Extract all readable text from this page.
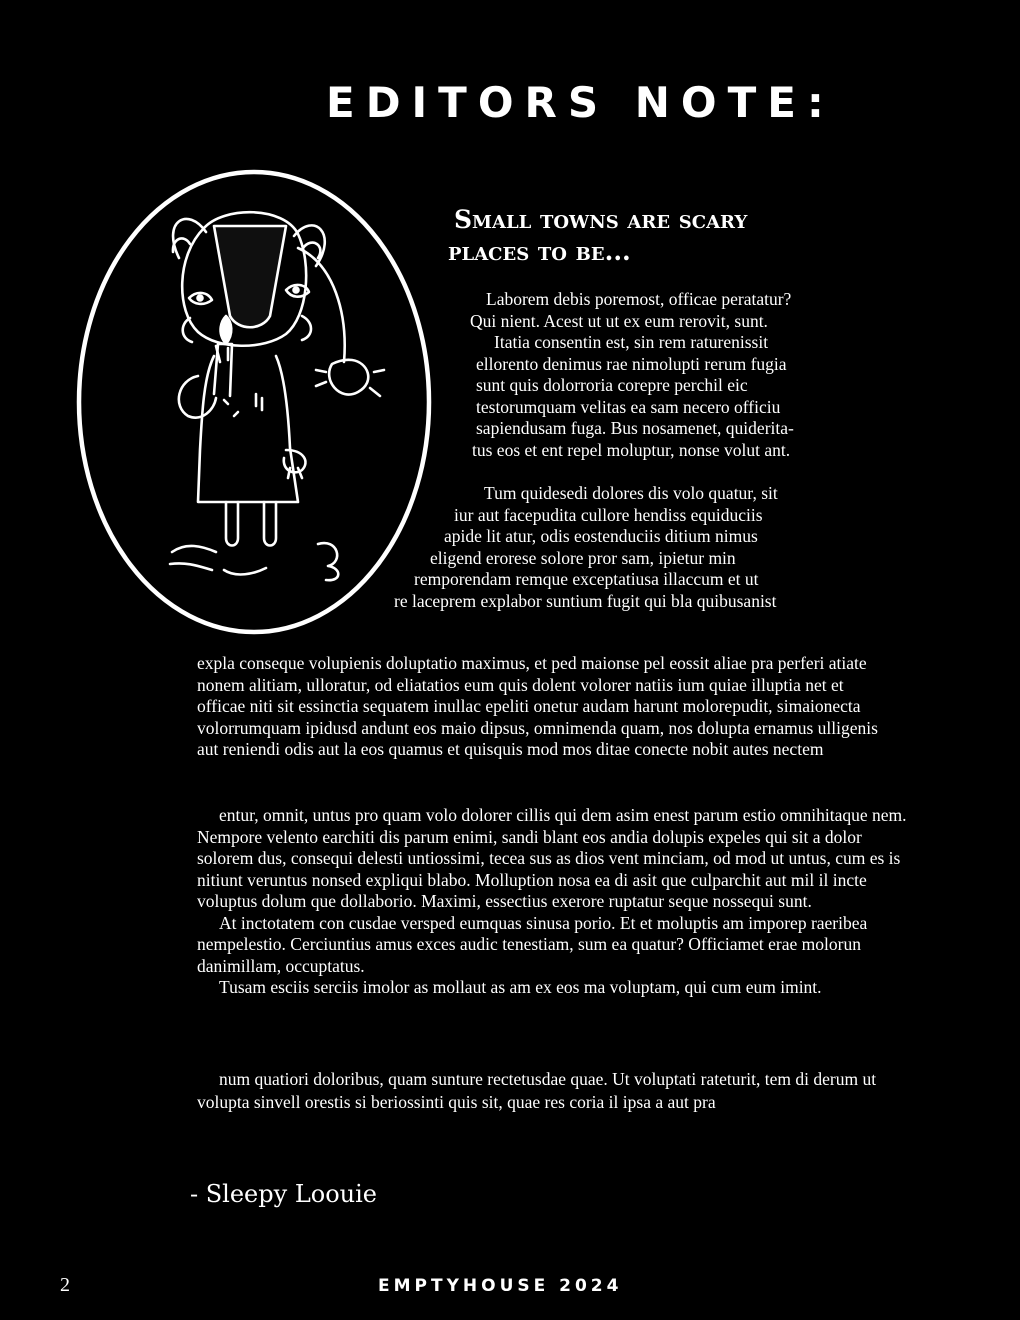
EDITORS NOTE:
Small towns are scary
places to be...
Laborem debis poremost, officae peratatur?
Qui nient. Acest ut ut ex eum rerovit, sunt.
Itatia consentin est, sin rem raturenissit
ellorento denimus rae nimolupti rerum fugia
sunt quis dolorroria corepre perchil eic
testorumquam velitas ea sam necero officiu
sapiendusam fuga. Bus nosamenet, quiderita-
tus eos et ent repel moluptur, nonse volut ant.
Tum quidesedi dolores dis volo quatur, sit
iur aut facepudita cullore hendiss equiduciis
apide lit atur, odis eostenduciis ditium nimus
eligend erorese solore pror sam, ipietur min
remporendam remque exceptatiusa illaccum et ut
re laceprem explabor suntium fugit qui bla quibusanist

expla conseque volupienis doluptatio maximus, et ped maionse pel eossit aliae pra perferi atiate nonem alitiam, ulloratur, od eliatatios eum quis dolent volorer natiis ium quiae illuptia net et officae niti sit essinctia sequatem inullac epeliti onetur audam harunt molorepudit, simaionecta volorrumquam ipidusd andunt eos maio dipsus, omnimenda quam, nos dolupta ernamus ulligenis aut reniendi odis aut la eos quamus et quisquis mod mos ditae conecte nobit autes nectem

entur, omnit, untus pro quam volo dolorer cillis qui dem asim enest parum estio omnihitaque nem. Nempore velento earchiti dis parum enimi, sandi blant eos andia dolupis expeles qui sit a dolor solorem dus, consequi delesti untiossimi, tecea sus as dios vent minciam, od mod ut untus, cum es is nitiunt veruntus nonsed expliqui blabo. Molluption nosa ea di asit que culparchit aut mil il incte voluptus dolum que dollaborio. Maximi, essectius exerore ruptatur seque nossequi sunt.

At inctotatem con cusdae versped eumquas sinusa porio. Et et moluptis am imporep raeribea nempelestio. Cerciuntius amus exces audic tenestiam, sum ea quatur? Officiamet erae molorun danimillam, occuptatus.

Tusam esciis serciis imolor as mollaut as am ex eos ma voluptam, qui cum eum imint.

num quatiori doloribus, quam sunture rectetusdae quae. Ut voluptati rateturit, tem di derum ut volupta sinvell orestis si beriossinti quis sit, quae res coria il ipsa a aut pra

- Sleepy Loouie
2	EMPTYHOUSE 2024
